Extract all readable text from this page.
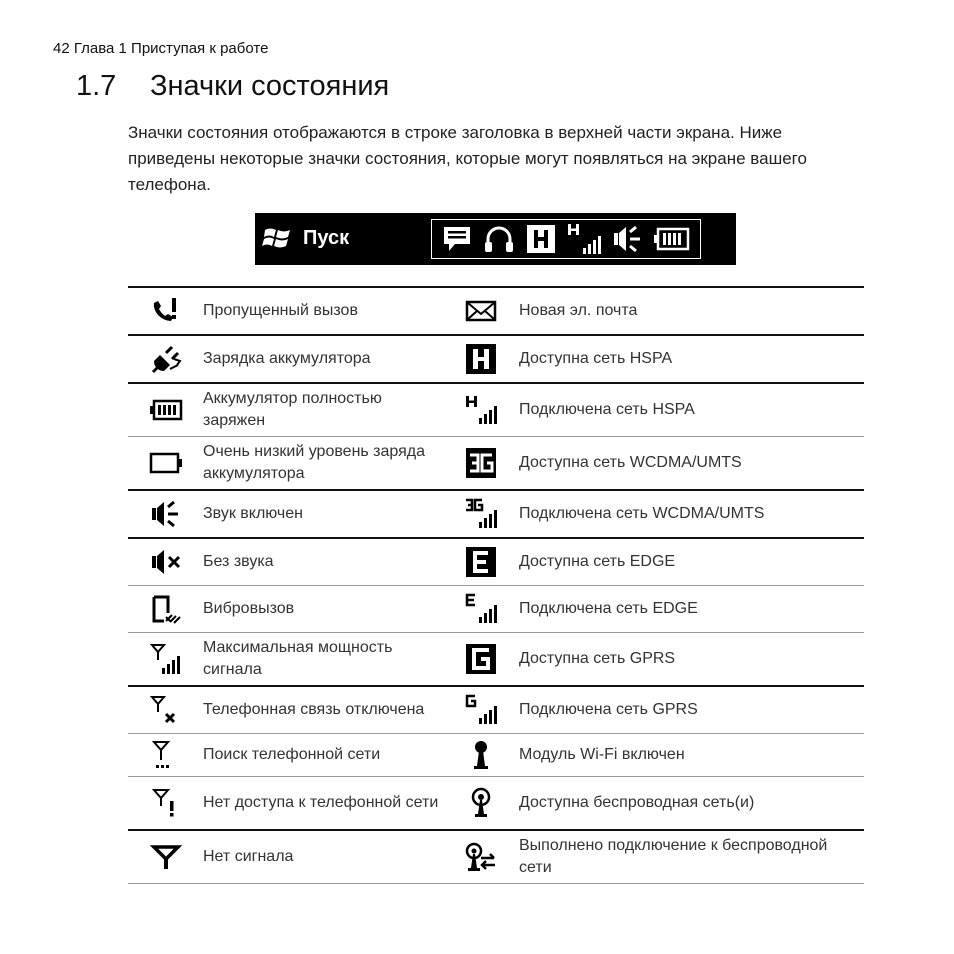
42 Глава 1 Приступая к работе
1.7 Значки состояния
Значки состояния отображаются в строке заголовка в верхней части экрана. Ниже приведены некоторые значки состояния, которые могут появляться на экране вашего телефона.
Пуск
	Пропущенный вызов		Новая эл. почта

	Зарядка аккумулятора		Доступна сеть HSPA

	Аккумулятор полностью заряжен		Подключена сеть HSPA

	Очень низкий уровень заряда аккумулятора		Доступна сеть WCDMA/UMTS

	Звук включен		Подключена сеть WCDMA/UMTS

	Без звука		Доступна сеть EDGE

	Вибровызов		Подключена сеть EDGE

	Максимальная мощность сигнала		Доступна сеть GPRS

	Телефонная связь отключена		Подключена сеть GPRS

	Поиск телефонной сети		Модуль Wi-Fi включен

	Нет доступа к телефонной сети		Доступна беспроводная сеть(и)

	Нет сигнала		Выполнено подключение к беспроводной сети
